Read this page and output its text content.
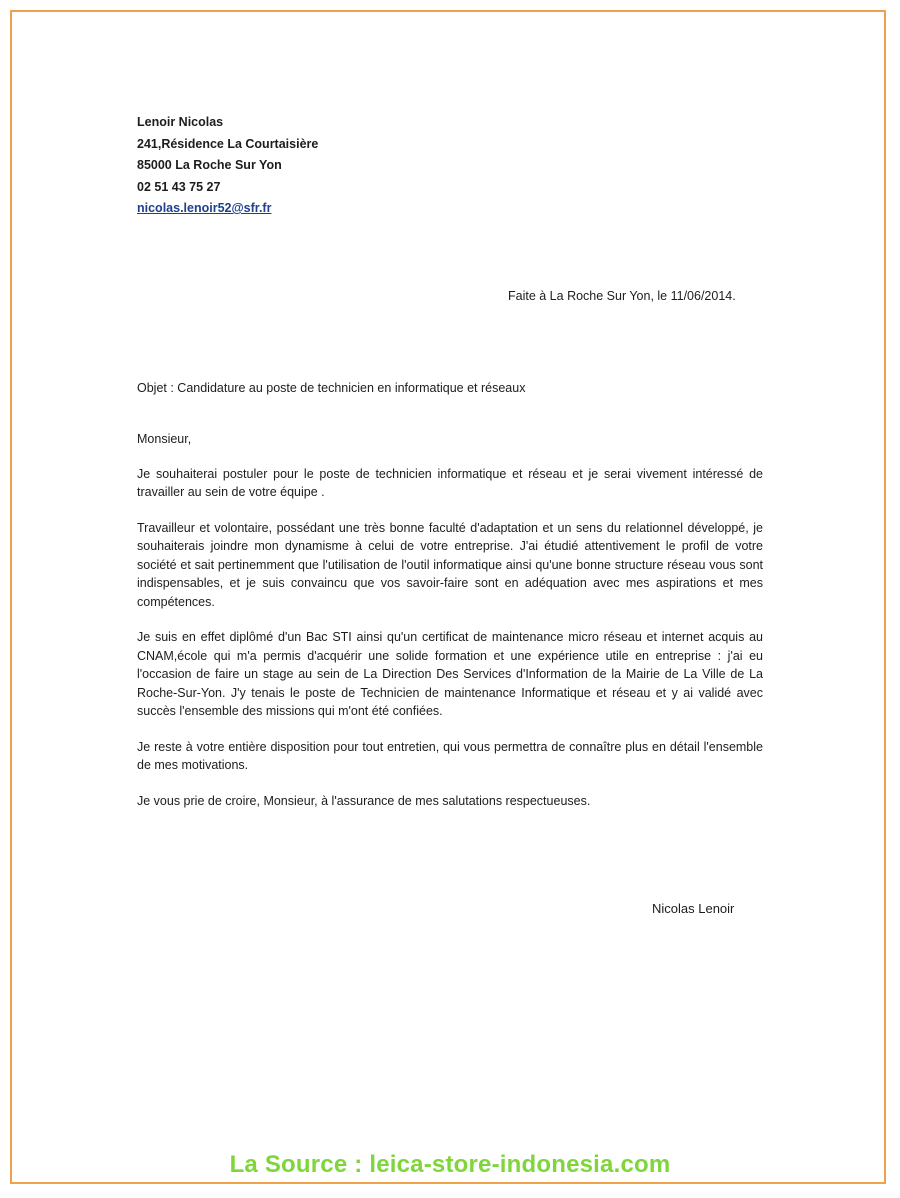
Lenoir Nicolas
241,Résidence La Courtaisière
85000 La Roche Sur Yon
02 51 43 75 27
nicolas.lenoir52@sfr.fr
Faite à La Roche Sur Yon, le 11/06/2014.
Objet : Candidature au poste de technicien en informatique et réseaux

Monsieur,

Je souhaiterai postuler pour le poste de technicien informatique et réseau et je serai vivement intéressé de travailler au sein de votre équipe .

Travailleur et volontaire, possédant une très bonne faculté d'adaptation et un sens du relationnel développé, je souhaiterais joindre mon dynamisme à celui de votre entreprise. J'ai étudié attentivement le profil de votre société et sait pertinemment que l'utilisation de l'outil informatique ainsi qu'une bonne structure réseau vous sont indispensables, et je suis convaincu que vos savoir-faire sont en adéquation avec mes aspirations et mes compétences.

Je suis en effet diplômé d'un Bac STI ainsi qu'un certificat de maintenance micro réseau et internet acquis au CNAM,école qui m'a permis d'acquérir une solide formation et une expérience utile en entreprise : j'ai eu l'occasion de faire un stage au sein de La Direction Des Services d'Information de la Mairie de La Ville de La Roche-Sur-Yon. J'y tenais le poste de Technicien de maintenance Informatique et réseau et y ai validé avec succès l'ensemble des missions qui m'ont été confiées.

Je reste à votre entière disposition pour tout entretien, qui vous permettra de connaître plus en détail l'ensemble de mes motivations.

Je vous prie de croire, Monsieur, à l'assurance de mes salutations respectueuses.

Nicolas Lenoir
La Source : leica-store-indonesia.com
